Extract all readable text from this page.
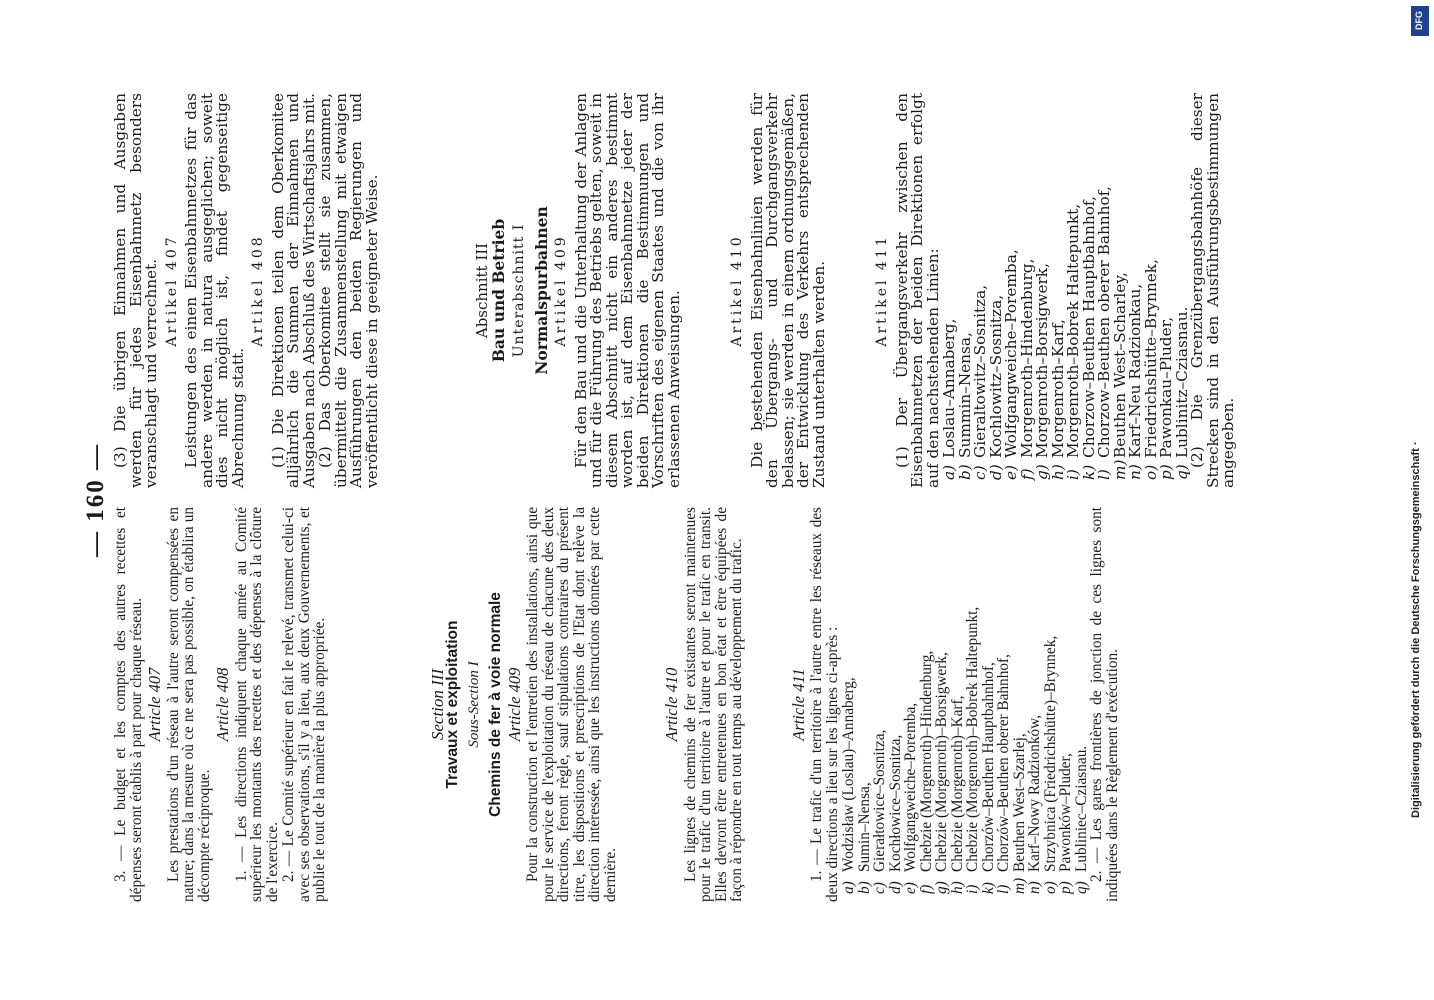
— 160 —

3. — Le budget et les comptes des autres recettes et dépenses seront établis à part pour chaque réseau. Article 407 Les prestations d'un réseau à l'autre seront compensées en nature; dans la mesure où ce ne sera pas possible, on établira un décompte réciproque.

Article 408 1. — Les directions indiquent chaque année au Comité supérieur les montants des recettes et des dépenses à la clôture de l'exercice. 2. — Le Comité supérieur en fait le relevé, transmet celui-ci avec ses observations, s'il y a lieu, aux deux Gouvernements, et publie le tout de la manière la plus appropriée.	Section III
Travaux et exploitation Sous-Section I Chemins de fer à voie normale Article 409 Pour la construction et l'entretien des installations, ainsi que pour le service de l'exploitation du réseau de chacune des deux directions, feront règle, sauf stipulations contraires du présent titre, les dispositions et prescriptions de l'Etat dont relève la direction intéressée, ainsi que les instructions données par cette dernière.

Article 410 Les lignes de chemins de fer existantes seront maintenues pour le trafic d'un territoire à l'autre et pour le trafic en transit. Elles devront être entretenues en bon état et être équipées de façon à répondre en tout temps au développement du trafic.	Article 411 1. — Le trafic d'un territoire à l'autre entre les réseaux des deux directions a lieu sur les lignes ci-après : a)
Wodzisław (Loslau)–Annaberg,
b)
Sumin–Nensa,
c)
Gierałtowice–Sosnitza,
d)
Kochłowice–Sosnitza,
e)
Wolfgangweiche–Poremba,
f)
Chebzie (Morgenroth)–Hindenburg,
g)
Chebzie (Morgenroth)–Borsigwerk,
h)
Chebzie (Morgenroth)–Karf,
i)
Chebzie (Morgenroth)–Bobrek Haltepunkt,
k)
Chorzów–Beuthen Hauptbahnhof,
l)
Chorzów–Beuthen oberer Bahnhof,
m)
Beuthen West–Szarlej,
n)
Karf–Nowy Radzionków,
o)
Strzybnica (Friedrichshütte)–Brynnek,
p)
Pawonków–Pluder,
q)
Lubliniec–Cziasnau.

2. — Les gares frontières de jonction de ces lignes sont indiquées dans le Règlement d'exécution.

(3) Die übrigen Einnahmen und Ausgaben werden für jedes Eisenbahnnetz besonders veranschlagt und verrechnet. Artikel 407 Leistungen des einen Eisenbahnnetzes für das andere werden in natura ausgeglichen; soweit dies nicht möglich ist, findet gegenseitige Abrechnung statt.

Artikel 408 (1) Die Direktionen teilen dem Oberkomitee alljährlich die Summen der Einnahmen und Ausgaben nach Abschluß des Wirtschaftsjahrs mit.

(2) Das Oberkomitee stellt sie zusammen, übermittelt die Zusammenstellung mit etwaigen Ausführungen den beiden Regierungen und veröffentlicht diese in geeigneter Weise.	Abschnitt III
Bau und Betrieb Unterabschnitt I Normalspurbahnen Artikel 409 Für den Bau und die Unterhaltung der Anlagen und für die Führung des Betriebs gelten, soweit in diesem Abschnitt nicht ein anderes bestimmt worden ist, auf dem Eisenbahnnetze jeder der beiden Direktionen die Bestimmungen und Vorschriften des eigenen Staates und die von ihr erlassenen Anweisungen.	Artikel 410 Die bestehenden Eisenbahnlinien werden für den Übergangs- und Durchgangsverkehr belassen; sie werden in einem ordnungsgemäßen, der Entwicklung des Verkehrs entsprechenden Zustand unterhalten werden.	Artikel 411 (1) Der Übergangsverkehr zwischen den Eisenbahnnetzen der beiden Direktionen erfolgt auf den nachstehenden Linien:

a)
Loslau–Annaberg,
b)
Summin–Nensa,
c)
Gieraltowitz–Sosnitza,
d)
Kochlowitz–Sosnitza,
e)
Wolfgangweiche–Poremba,
f)
Morgenroth–Hindenburg,
g)
Morgenroth–Borsigwerk,
h)
Morgenroth–Karf,
i)
Morgenroth–Bobrek Haltepunkt,
k)
Chorzow–Beuthen Hauptbahnhof,
l)
Chorzow–Beuthen oberer Bahnhof,
m)
Beuthen West–Scharley,
n)
Karf–Neu Radzionkau,
o)
Friedrichshütte–Brynnek,
p)
Pawonkau–Pluder,
q)
Lublinitz–Cziasnau.

(2) Die Grenzübergangsbahnhöfe dieser Strecken sind in den Ausführungsbestimmungen angegeben.

DFG
Digitalisierung gefördert durch die Deutsche Forschungsgemeinschaft ·
